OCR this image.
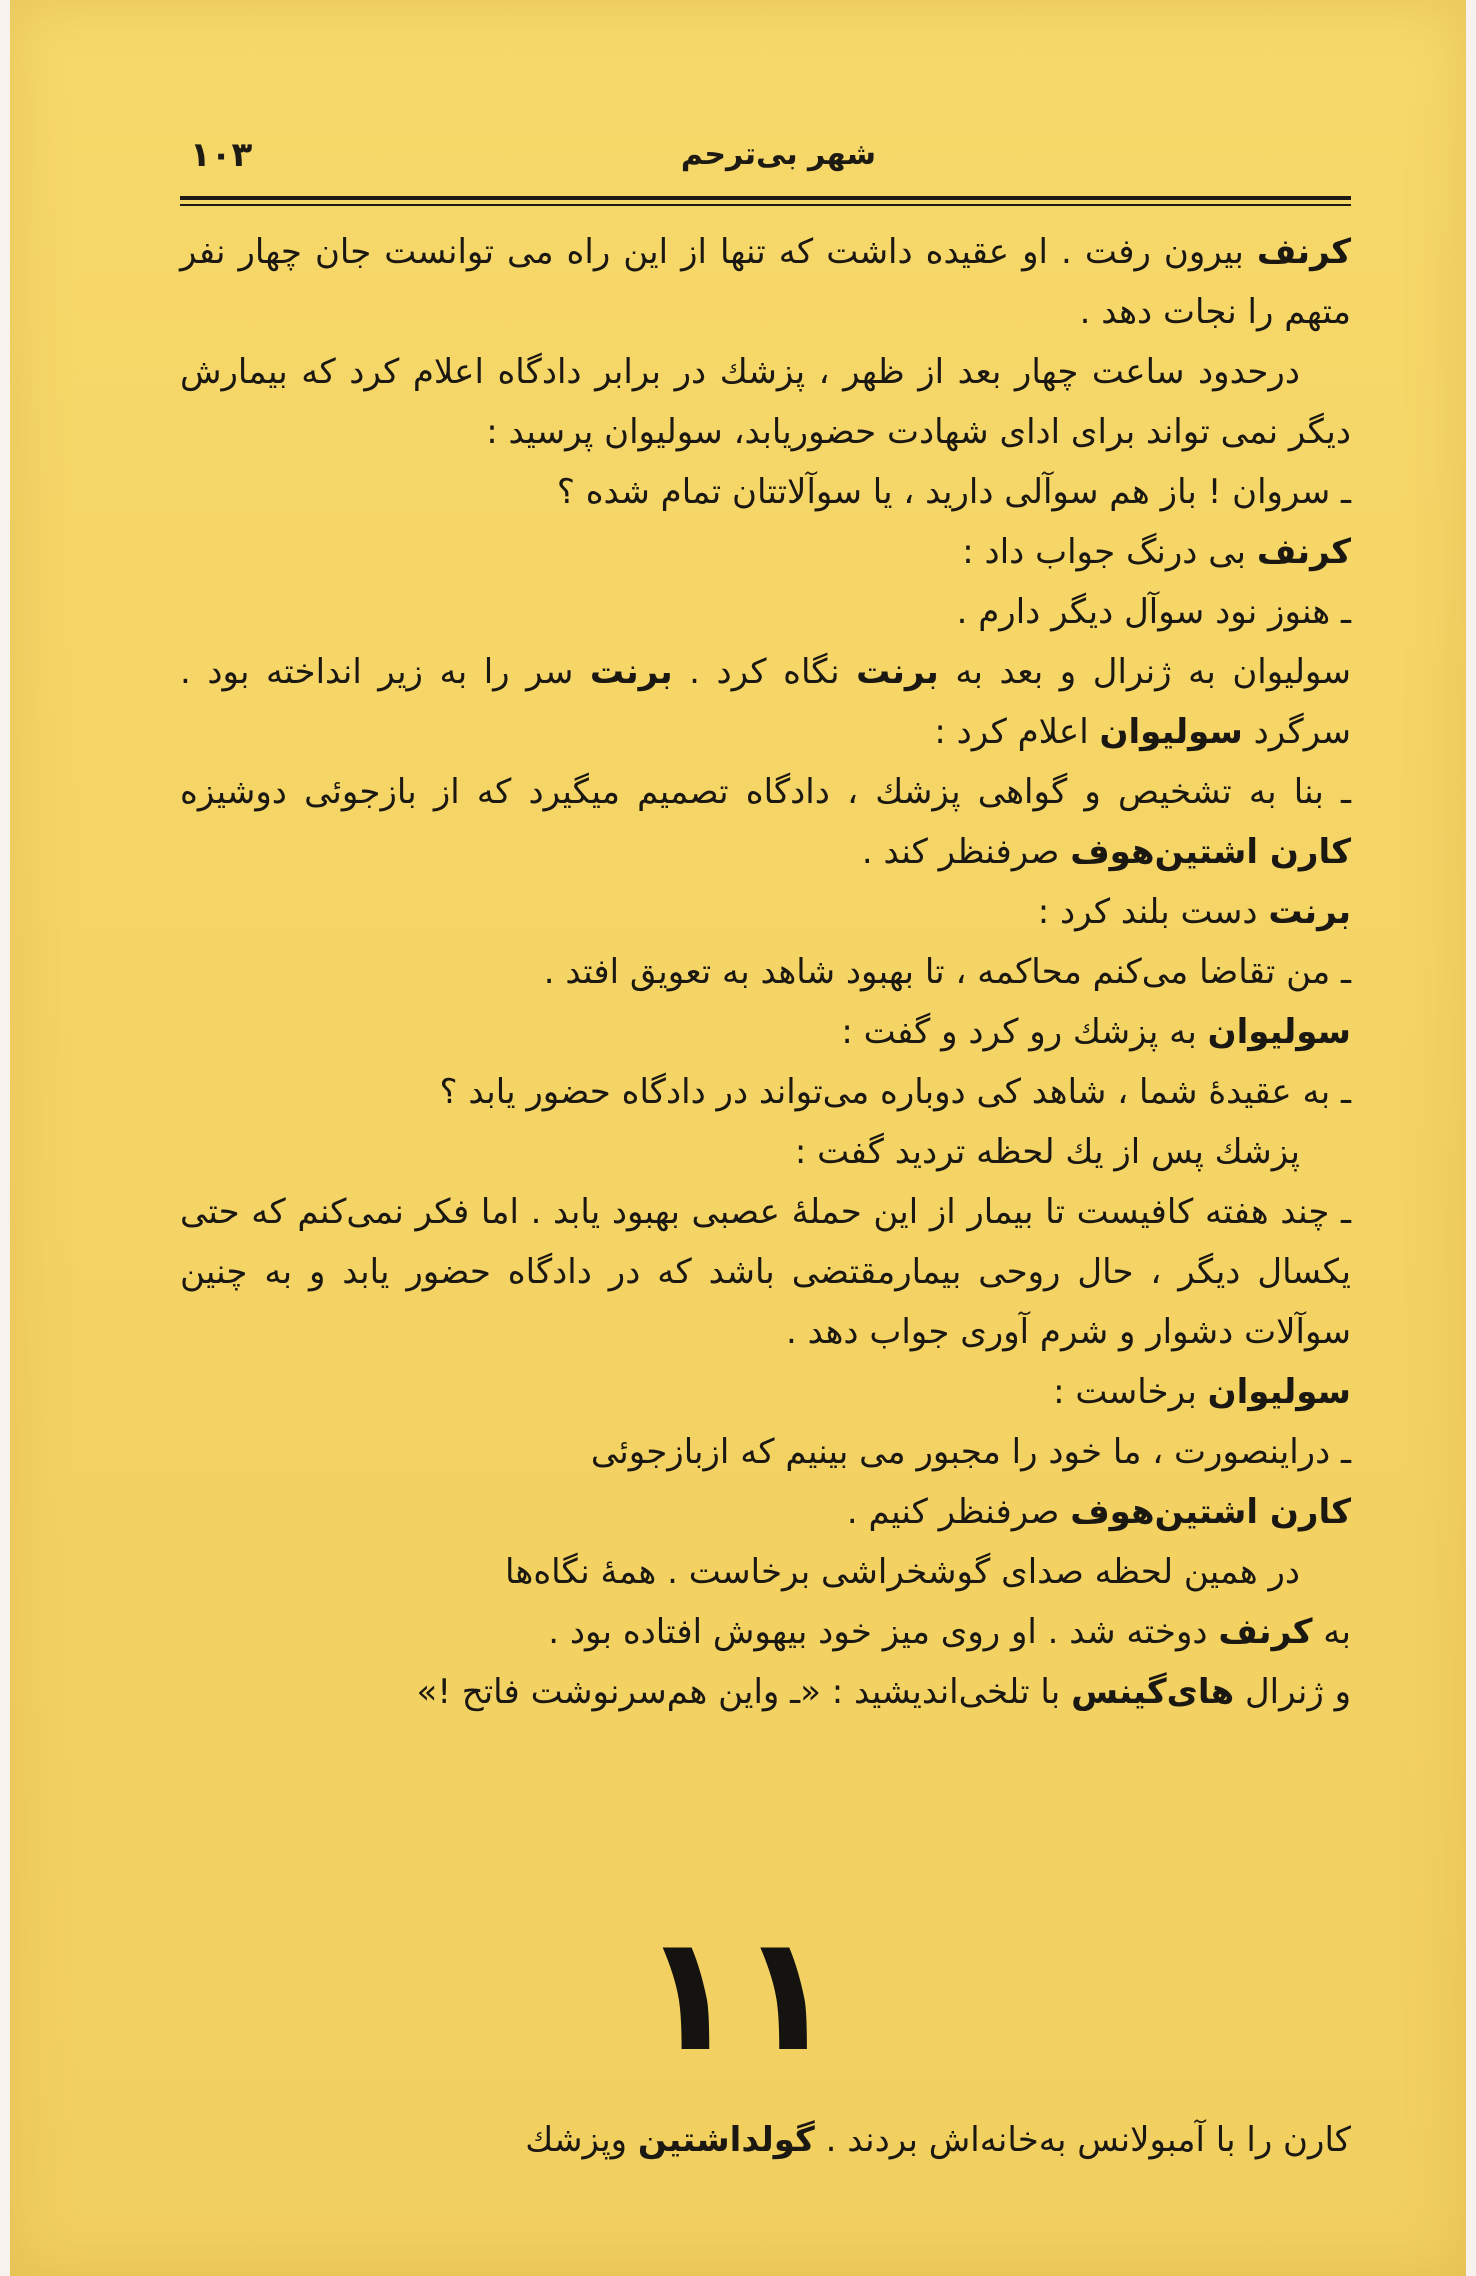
شهر بی‌ترحم
۱۰۳

کرنف بیرون رفت . او عقیده داشت که تنها از این راه می توانست جان چهار نفر متهم را نجات دهد .

درحدود ساعت چهار بعد از ظهر ، پزشك در برابر دادگاه اعلام کرد که بیمارش دیگر نمی تواند برای ادای شهادت حضوریابد، سولیوان پرسید :

ـ سروان ! باز هم سوآلی دارید ، یا سوآلاتتان تمام شده ؟

کرنف بی درنگ جواب داد :

ـ هنوز نود سوآل دیگر دارم .

سولیوان به ژنرال و بعد به برنت نگاه کرد . برنت سر را به زیر انداخته بود . سرگرد سولیوان اعلام کرد :

ـ بنا به تشخیص و گواهی پزشك ، دادگاه تصمیم میگیرد که از بازجوئی دوشیزه کارن اشتین‌هوف صرفنظر کند .

برنت دست بلند کرد :

ـ من تقاضا می‌کنم محاکمه ، تا بهبود شاهد به تعویق افتد .

سولیوان به پزشك رو کرد و گفت :

ـ به عقیدهٔ شما ، شاهد کی دوباره می‌تواند در دادگاه حضور یابد ؟

پزشك پس از یك لحظه تردید گفت :

ـ چند هفته کافیست تا بیمار از این حملهٔ عصبی بهبود یابد . اما فکر نمی‌کنم که حتی یکسال دیگر ، حال روحی بیمارمقتضی باشد که در دادگاه حضور یابد و به چنین سوآلات دشوار و شرم آوری جواب دهد .

سولیوان برخاست :

ـ دراینصورت ، ما خود را مجبور می بینیم که ازبازجوئی

کارن اشتین‌هوف صرفنظر کنیم .

در همین لحظه صدای گوشخراشی برخاست . همهٔ نگاه‌ها

به کرنف دوخته شد . او روی میز خود بیهوش افتاده بود .

و ژنرال های‌گینس با تلخی‌اندیشید : «ـ واین هم‌سرنوشت فاتح !»

۱۱
کارن را با آمبولانس به‌خانه‌اش بردند . گولداشتین وپزشك
